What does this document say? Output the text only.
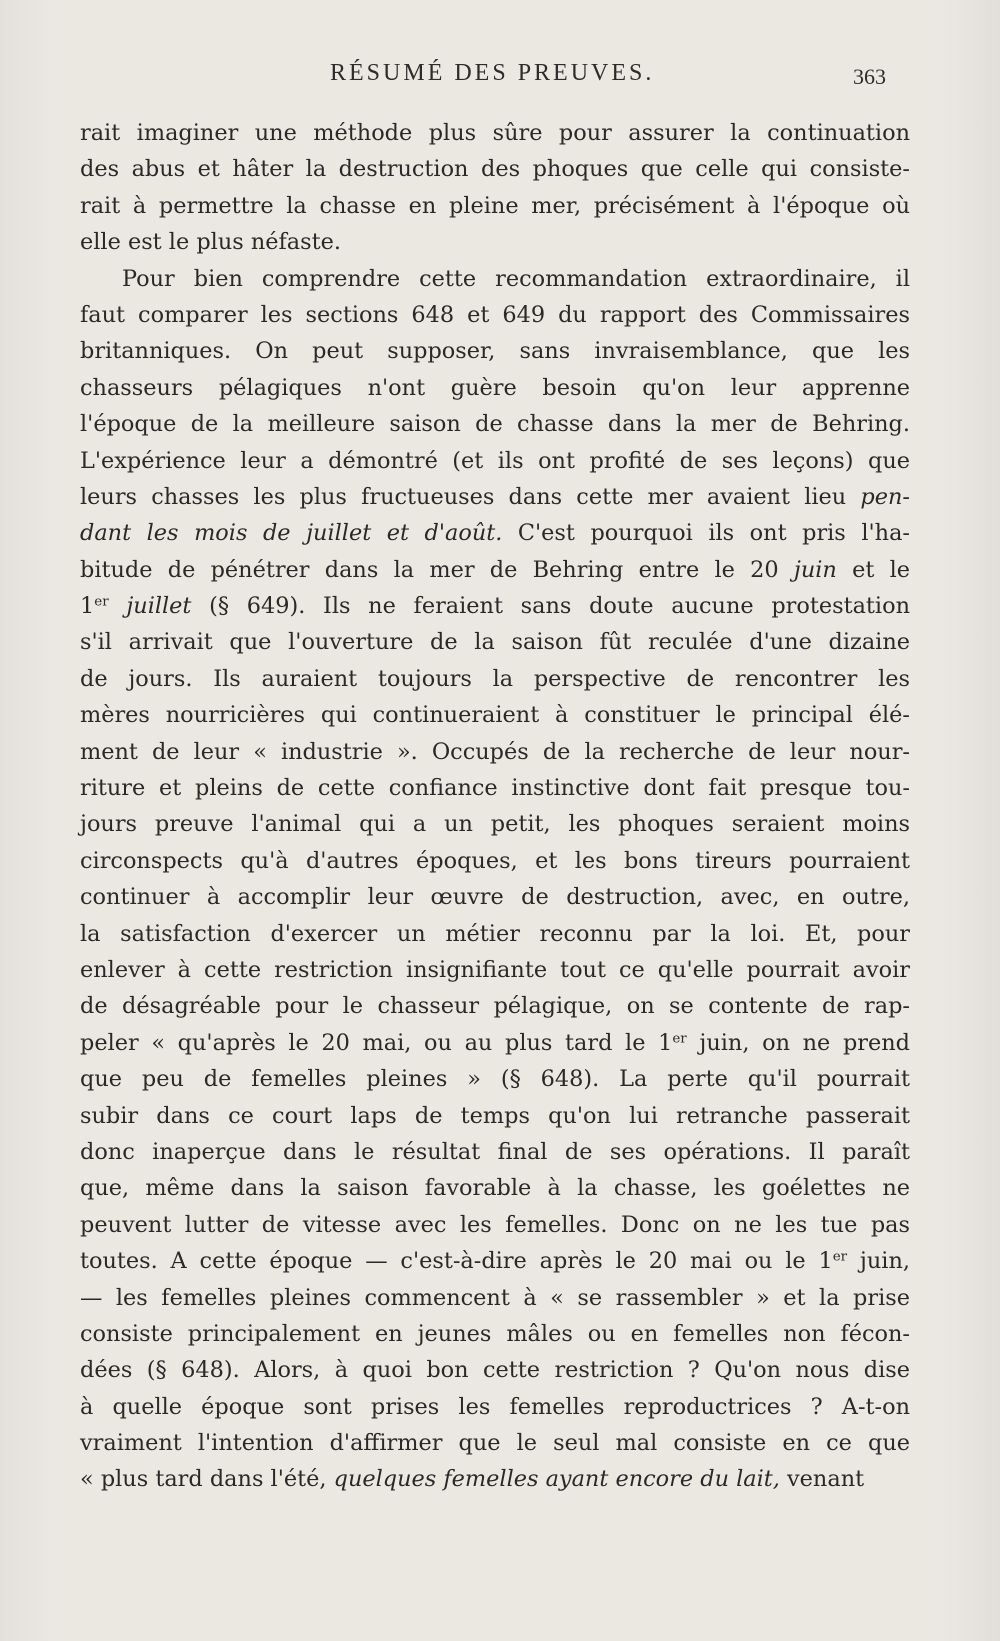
RÉSUMÉ DES PREUVES.	363
rait imaginer une méthode plus sûre pour assurer la continuation
des abus et hâter la destruction des phoques que celle qui consiste-
rait à permettre la chasse en pleine mer, précisément à l'époque où
elle est le plus néfaste.
Pour bien comprendre cette recommandation extraordinaire, il
faut comparer les sections 648 et 649 du rapport des Commissaires
britanniques. On peut supposer, sans invraisemblance, que les
chasseurs pélagiques n'ont guère besoin qu'on leur apprenne
l'époque de la meilleure saison de chasse dans la mer de Behring.
L'expérience leur a démontré (et ils ont profité de ses leçons) que
leurs chasses les plus fructueuses dans cette mer avaient lieu pen-
dant les mois de juillet et d'août. C'est pourquoi ils ont pris l'ha-
bitude de pénétrer dans la mer de Behring entre le 20 juin et le
1er juillet (§ 649). Ils ne feraient sans doute aucune protestation
s'il arrivait que l'ouverture de la saison fût reculée d'une dizaine
de jours. Ils auraient toujours la perspective de rencontrer les
mères nourricières qui continueraient à constituer le principal élé-
ment de leur « industrie ». Occupés de la recherche de leur nour-
riture et pleins de cette confiance instinctive dont fait presque tou-
jours preuve l'animal qui a un petit, les phoques seraient moins
circonspects qu'à d'autres époques, et les bons tireurs pourraient
continuer à accomplir leur œuvre de destruction, avec, en outre,
la satisfaction d'exercer un métier reconnu par la loi. Et, pour
enlever à cette restriction insignifiante tout ce qu'elle pourrait avoir
de désagréable pour le chasseur pélagique, on se contente de rap-
peler « qu'après le 20 mai, ou au plus tard le 1er juin, on ne prend
que peu de femelles pleines » (§ 648). La perte qu'il pourrait
subir dans ce court laps de temps qu'on lui retranche passerait
donc inaperçue dans le résultat final de ses opérations. Il paraît
que, même dans la saison favorable à la chasse, les goélettes ne
peuvent lutter de vitesse avec les femelles. Donc on ne les tue pas
toutes. A cette époque — c'est-à-dire après le 20 mai ou le 1er juin,
— les femelles pleines commencent à « se rassembler » et la prise
consiste principalement en jeunes mâles ou en femelles non fécon-
dées (§ 648). Alors, à quoi bon cette restriction ? Qu'on nous dise
à quelle époque sont prises les femelles reproductrices ? A-t-on
vraiment l'intention d'affirmer que le seul mal consiste en ce que
« plus tard dans l'été, quelques femelles ayant encore du lait, venant
